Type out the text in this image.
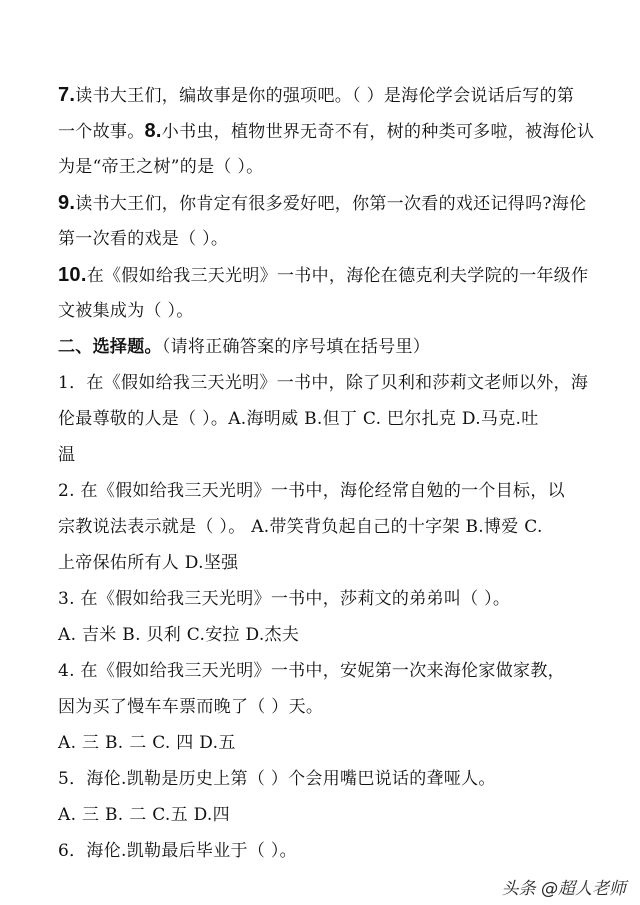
7.读书大王们，编故事是你的强项吧。（ ）是海伦学会说话后写的第
一个故事。8.小书虫，植物世界无奇不有，树的种类可多啦，被海伦认
为是“帝王之树”的是（ ）。
9.读书大王们，你肯定有很多爱好吧，你第一次看的戏还记得吗?海伦
第一次看的戏是（ ）。
10.在《假如给我三天光明》一书中，海伦在德克利夫学院的一年级作
文被集成为（ ）。
二、选择题。（请将正确答案的序号填在括号里）
1．在《假如给我三天光明》一书中，除了贝利和莎莉文老师以外，海
伦最尊敬的人是（ ）。A.海明威 B.但丁 C. 巴尔扎克 D.马克.吐
温
2. 在《假如给我三天光明》一书中，海伦经常自勉的一个目标，以
宗教说法表示就是（ ）。 A.带笑背负起自己的十字架 B.博爱 C.
上帝保佑所有人 D.坚强
3. 在《假如给我三天光明》一书中，莎莉文的弟弟叫（ ）。
A. 吉米 B. 贝利 C.安拉 D.杰夫
4. 在《假如给我三天光明》一书中，安妮第一次来海伦家做家教，
因为买了慢车车票而晚了（ ）天。
A. 三 B. 二 C. 四 D.五
5．海伦.凯勒是历史上第（ ）个会用嘴巴说话的聋哑人。
A. 三 B. 二 C.五 D.四
6．海伦.凯勒最后毕业于（ ）。
头条 @超人老师
